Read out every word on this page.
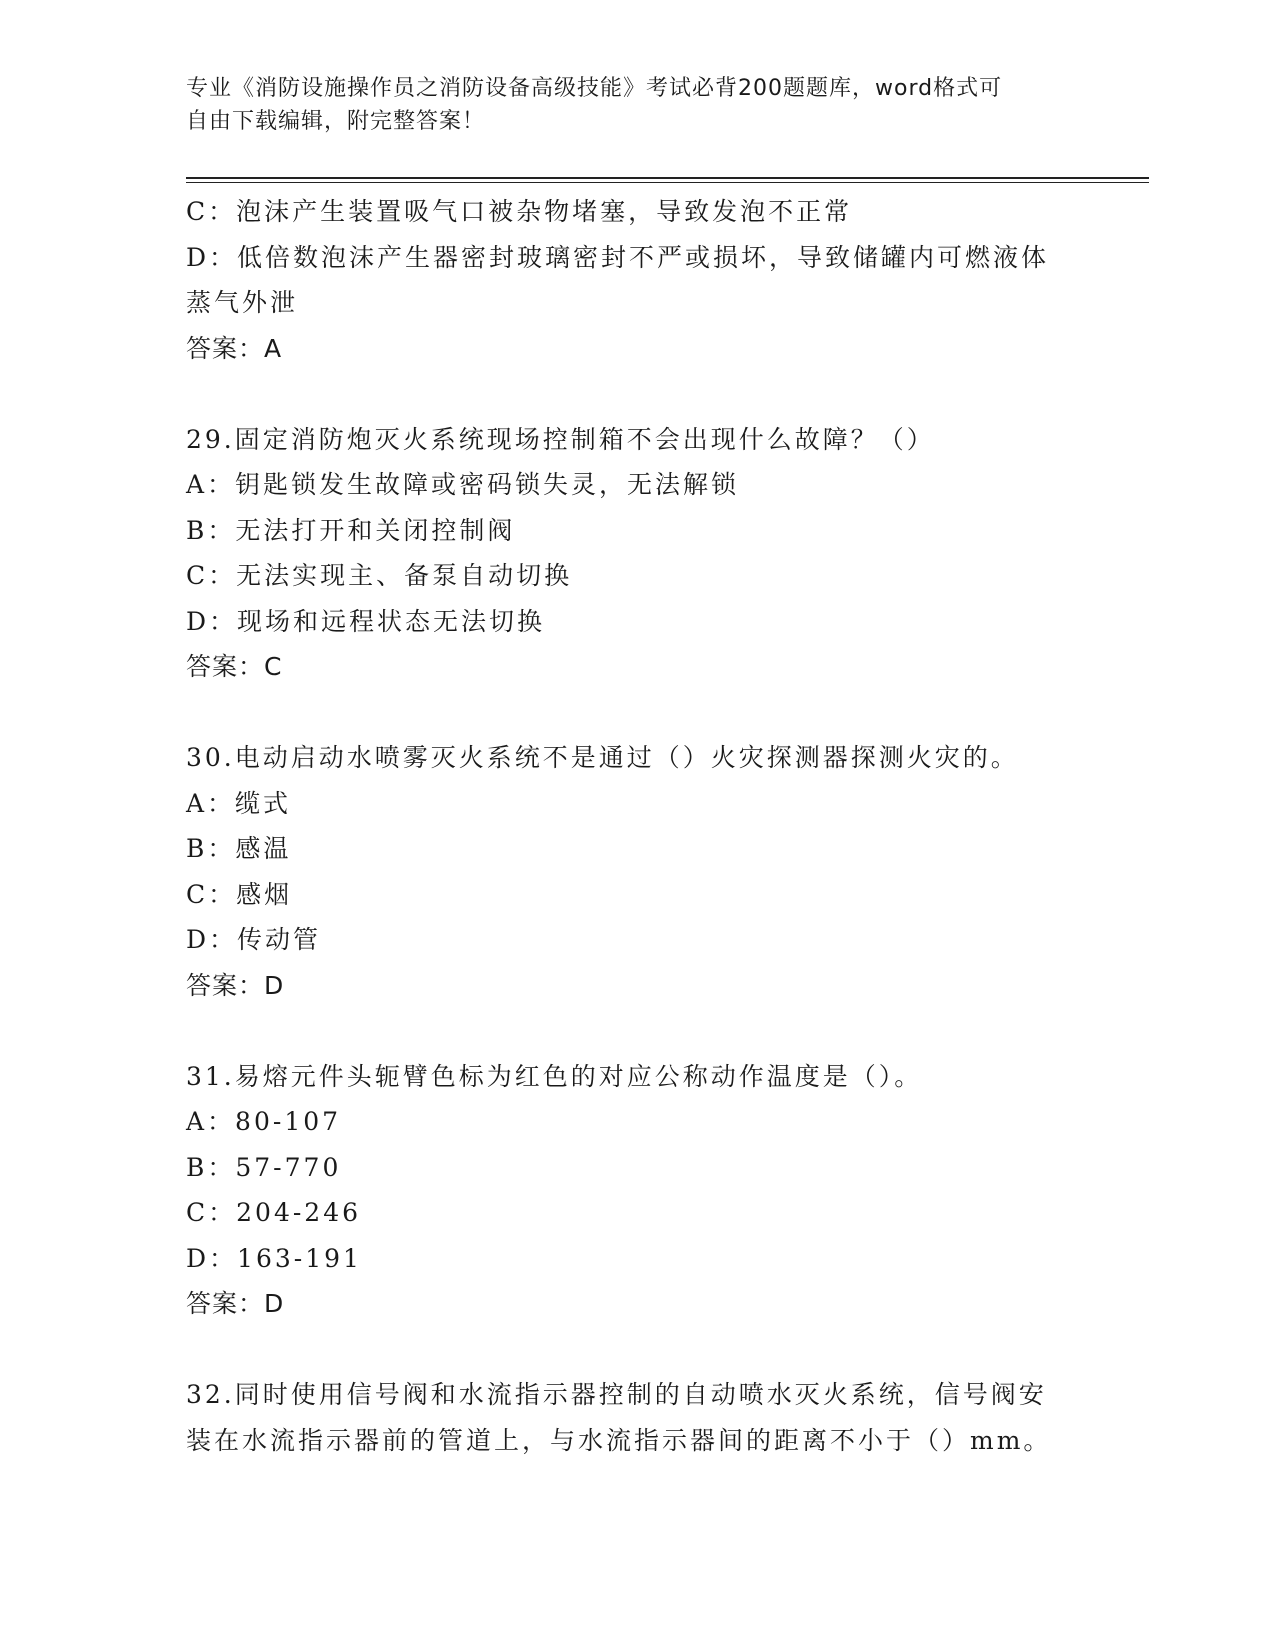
专业《消防设施操作员之消防设备高级技能》考试必背200题题库，word格式可
自由下载编辑，附完整答案！
C：泡沫产生装置吸气口被杂物堵塞，导致发泡不正常
D：低倍数泡沫产生器密封玻璃密封不严或损坏，导致储罐内可燃液体
蒸气外泄
答案：A
29.固定消防炮灭火系统现场控制箱不会出现什么故障？（）
A：钥匙锁发生故障或密码锁失灵，无法解锁
B：无法打开和关闭控制阀
C：无法实现主、备泵自动切换
D：现场和远程状态无法切换
答案：C
30.电动启动水喷雾灭火系统不是通过（）火灾探测器探测火灾的。
A：缆式
B：感温
C：感烟
D：传动管
答案：D
31.易熔元件头轭臂色标为红色的对应公称动作温度是（）。
A：80-107
B：57-770
C：204-246
D：163-191
答案：D
32.同时使用信号阀和水流指示器控制的自动喷水灭火系统，信号阀安
装在水流指示器前的管道上，与水流指示器间的距离不小于（）mm。
